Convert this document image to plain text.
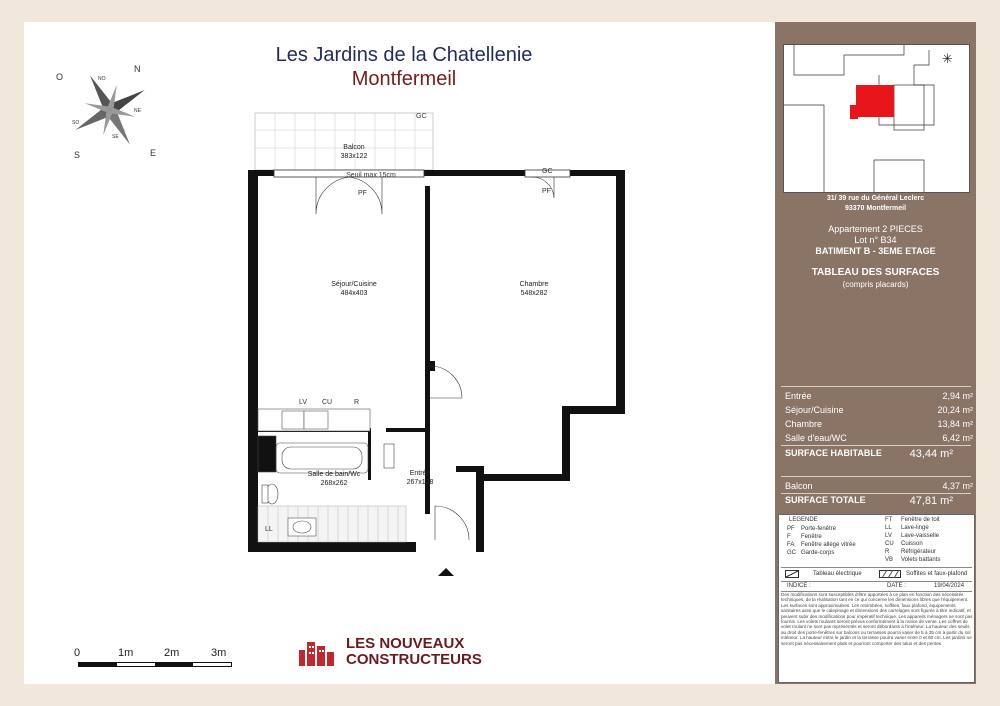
Les Jardins de la Chatellenie
Montfermeil
N
E
S
O	NO
NE
SE
SO
Balcon
383x122
GC
Seuil max 15cm
PF
GC
PF
Séjour/Cuisine
484x403
Chambre
548x282
Salle de bain/Wc
268x262
Entrée
267x128
LV CU	R
LL
0	1m	2m	3m
LES NOUVEAUX
CONSTRUCTEURS
✳
31/ 39 rue du Général Leclerc
93370 Montfermeil
Appartement 2 PIECES
Lot n° B34
BATIMENT B - 3EME ETAGE
TABLEAU DES SURFACES
(compris placards)
Entrée	2,94 m²
Séjour/Cuisine	20,24 m²
Chambre	13,84 m²
Salle d'eau/WC	6,42 m²
SURFACE HABITABLE	43,44 m²
Balcon	4,37 m²
SURFACE TOTALE	47,81 m²
LEGENDE
PF Porte-fenêtre
F Fenêtre
FA Fenêtre allège vitrée
GC Garde-corps
FT Fenêtre de toit
LL Lave-linge
LV Lave-vaisselle
CU Cuisson
R Réfrigérateur
VB Volets battants
Tableau électrique	Soffites et faux-plafond
INDICE :	DATE :	19/04/2024
Des modifications sont susceptibles d'être apportées à ce plan en fonction des nécessités techniques, de la réalisation tant en ce qui concerne les dimensions libres que l'équipement. Les surfaces sont approximatives. Les retombées, soffites, faux plafond, équipements sanitaires ainsi que le calepinage et dimensions des carrelages sont figurés à titre indicatif, et peuvent subir des modifications pour impératif technique. Les appareils ménagers ne sont pas fournis. Les volets roulants seront prévus conformément à la notice de vente. Les coffres de volet roulant ne sont pas représentés et seront débordants à l'intérieur. La hauteur des seuils au droit des porte-fenêtres sur balcons ou terrasses pourra varier de 5 à 35 cm à partir du sol intérieur. La hauteur entre le jardin et la terrasse pourra varier entre 0 et 60 cm. Les jardins ne seront pas nécessairement plats et pourront comporter des talus et des pentes.
